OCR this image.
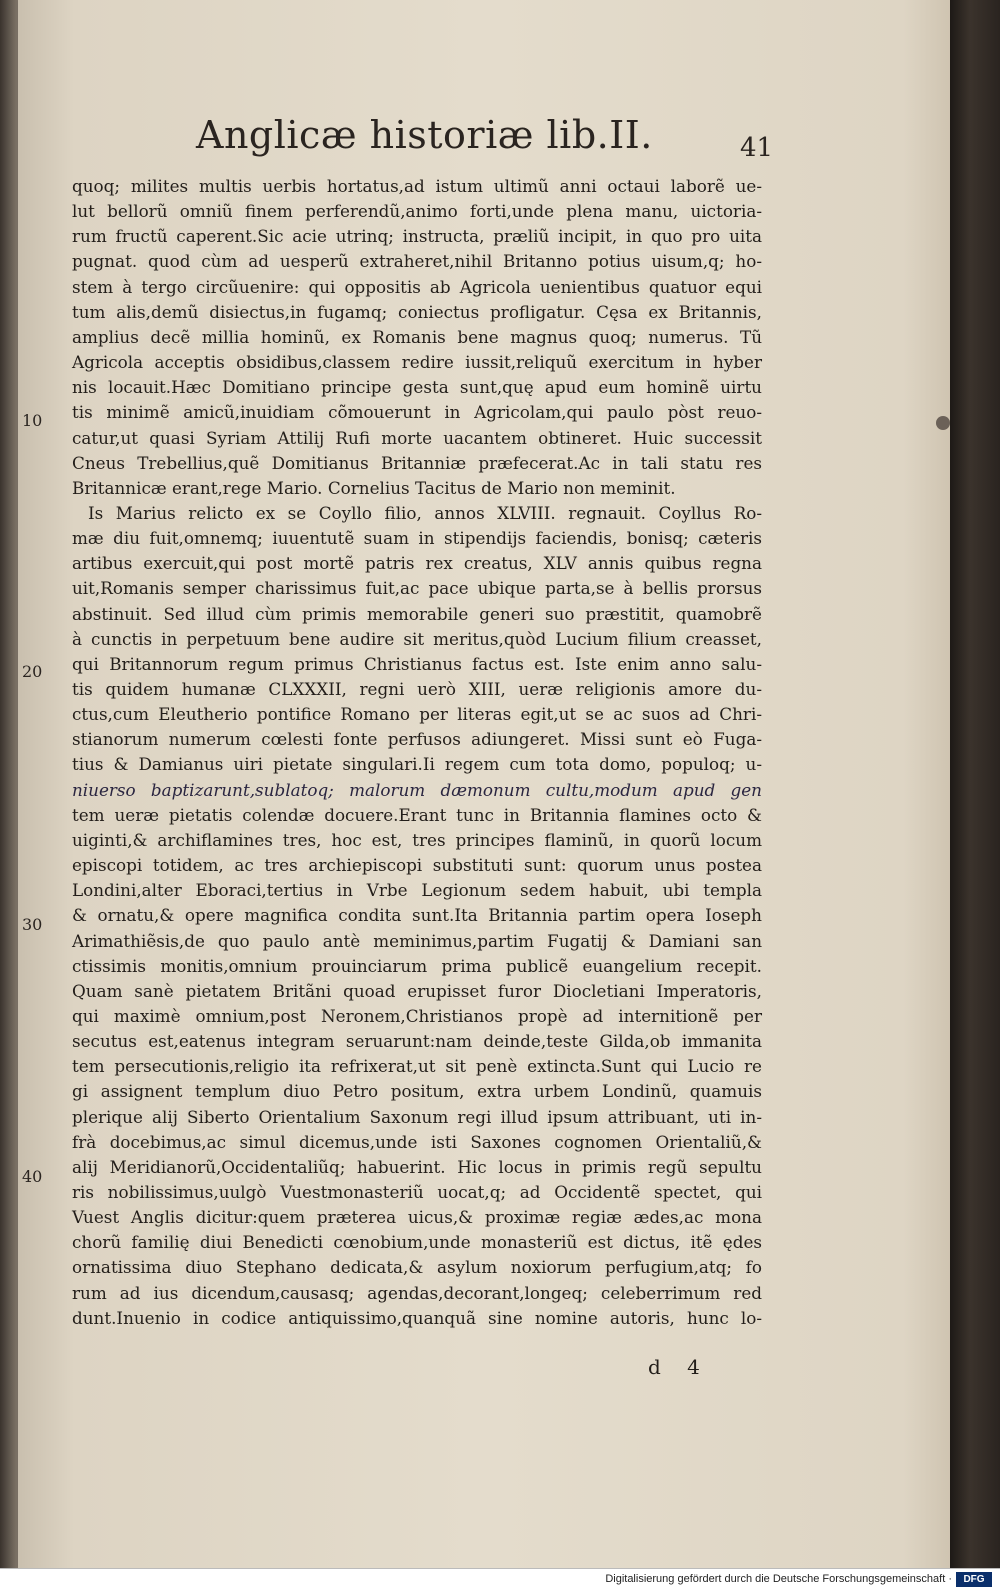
Anglicæ historiæ lib.II.	41
quoq; milites multis uerbis hortatus,ad istum ultimũ anni octaui laborẽ ue-
lut bellorũ omniũ finem perferendũ,animo forti,unde plena manu, uictoria-
rum fructũ caperent.Sic acie utrinq; instructa, præliũ incipit, in quo pro uita
pugnat. quod cùm ad uesperũ extraheret,nihil Britanno potius uisum,q; ho-
stem à tergo circũuenire: qui oppositis ab Agricola uenientibus quatuor equi
tum alis,demũ disiectus,in fugamq; coniectus profligatur. Cęsa ex Britannis,
amplius decẽ millia hominũ, ex Romanis bene magnus quoq; numerus. Tũ
Agricola acceptis obsidibus,classem redire iussit,reliquũ exercitum in hyber
nis locauit.Hæc Domitiano principe gesta sunt,quę apud eum hominẽ uirtu
tis minimẽ amicũ,inuidiam cõmouerunt in Agricolam,qui paulo pòst reuo-
catur,ut quasi Syriam Attilij Rufi morte uacantem obtineret. Huic successit
Cneus Trebellius,quẽ Domitianus Britanniæ præfecerat.Ac in tali statu res
Britannicæ erant,rege Mario. Cornelius Tacitus de Mario non meminit.
Is Marius relicto ex se Coyllo filio, annos XLVIII. regnauit. Coyllus Ro-
mæ diu fuit,omnemq; iuuentutẽ suam in stipendijs faciendis, bonisq; cæteris
artibus exercuit,qui post mortẽ patris rex creatus, XLV annis quibus regna
uit,Romanis semper charissimus fuit,ac pace ubique parta,se à bellis prorsus
abstinuit. Sed illud cùm primis memorabile generi suo præstitit, quamobrẽ
à cunctis in perpetuum bene audire sit meritus,quòd Lucium filium creasset,
qui Britannorum regum primus Christianus factus est. Iste enim anno salu-
tis quidem humanæ CLXXXII, regni uerò XIII, ueræ religionis amore du-
ctus,cum Eleutherio pontifice Romano per literas egit,ut se ac suos ad Chri-
stianorum numerum cœlesti fonte perfusos adiungeret. Missi sunt eò Fuga-
tius & Damianus uiri pietate singulari.Ii regem cum tota domo, populoq; u-
niuerso baptizarunt,sublatoq; malorum dæmonum cultu,modum apud gen
tem ueræ pietatis colendæ docuere.Erant tunc in Britannia flamines octo &
uiginti,& archiflamines tres, hoc est, tres principes flaminũ, in quorũ locum
episcopi totidem, ac tres archiepiscopi substituti sunt: quorum unus postea
Londini,alter Eboraci,tertius in Vrbe Legionum sedem habuit, ubi templa
& ornatu,& opere magnifica condita sunt.Ita Britannia partim opera Ioseph
Arimathiẽsis,de quo paulo antè meminimus,partim Fugatij & Damiani san
ctissimis monitis,omnium prouinciarum prima publicẽ euangelium recepit.
Quam sanè pietatem Britãni quoad erupisset furor Diocletiani Imperatoris,
qui maximè omnium,post Neronem,Christianos propè ad internitionẽ per
secutus est,eatenus integram seruarunt:nam deinde,teste Gilda,ob immanita
tem persecutionis,religio ita refrixerat,ut sit penè extincta.Sunt qui Lucio re
gi assignent templum diuo Petro positum, extra urbem Londinũ, quamuis
plerique alij Siberto Orientalium Saxonum regi illud ipsum attribuant, uti in-
frà docebimus,ac simul dicemus,unde isti Saxones cognomen Orientaliũ,&
alij Meridianorũ,Occidentaliũq; habuerint. Hic locus in primis regũ sepultu
ris nobilissimus,uulgò Vuestmonasteriũ uocat,q; ad Occidentẽ spectet, qui
Vuest Anglis dicitur:quem præterea uicus,& proximæ regiæ ædes,ac mona
chorũ familię diui Benedicti cœnobium,unde monasteriũ est dictus, itẽ ędes
ornatissima diuo Stephano dedicata,& asylum noxiorum perfugium,atq; fo
rum ad ius dicendum,causasq; agendas,decorant,longeq; celeberrimum red
dunt.Inuenio in codice antiquissimo,quanquã sine nomine autoris, hunc lo-
10
20
30
40
d 4
Digitalisierung gefördert durch die Deutsche Forschungsgemeinschaft ·	DFG
